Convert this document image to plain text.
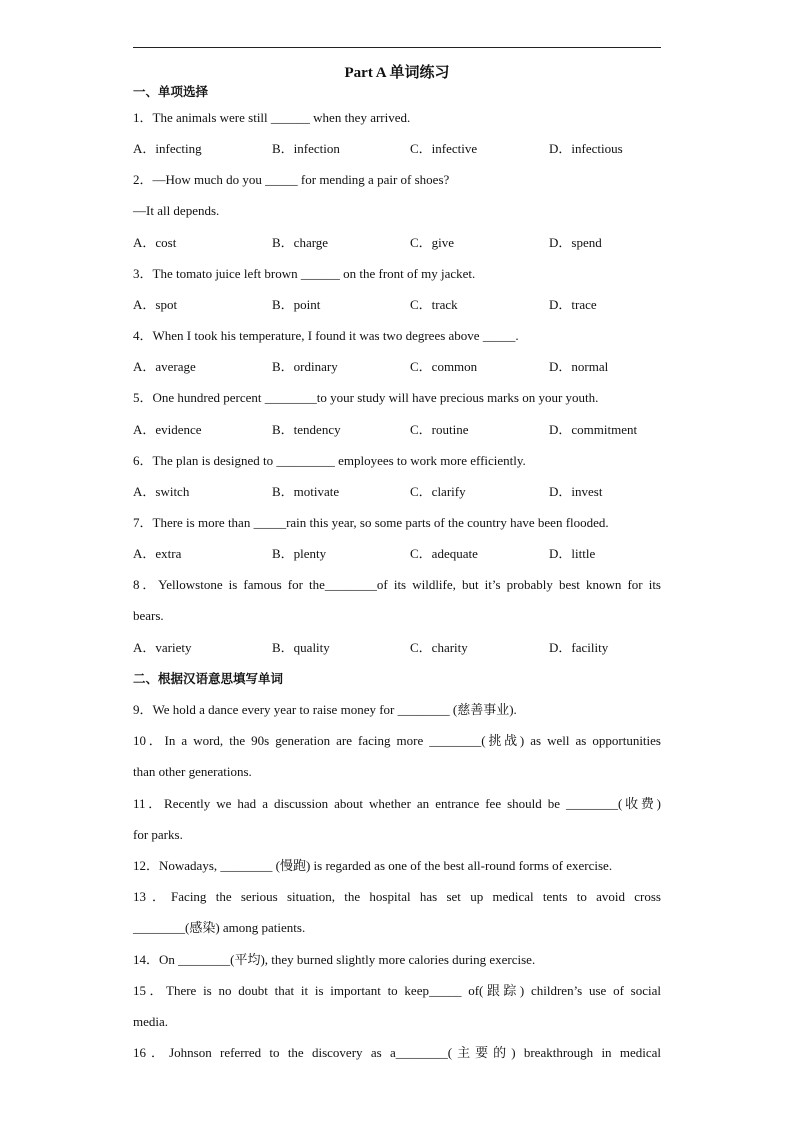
Part A 单词练习
一、单项选择
1．The animals were still ______ when they arrived.
A．infecting	B．infection	C．infective	D．infectious
2．—How much do you _____ for mending a pair of shoes?
—It all depends.
A．cost	B．charge	C．give	D．spend
3．The tomato juice left brown ______ on the front of my jacket.
A．spot	B．point	C．track	D．trace
4．When I took his temperature, I found it was two degrees above _____.
A．average	B．ordinary	C．common	D．normal
5．One hundred percent ________to your study will have precious marks on your youth.
A．evidence	B．tendency	C．routine	D．commitment
6．The plan is designed to _________ employees to work more efficiently.
A．switch	B．motivate	C．clarify	D．invest
7．There is more than _____rain this year, so some parts of the country have been flooded.
A．extra	B．plenty	C．adequate	D．little
8．Yellowstone is famous for the________of its wildlife, but it’s probably best known for its
bears.
A．variety	B．quality	C．charity	D．facility
二、根据汉语意思填写单词
9．We hold a dance every year to raise money for ________ (慈善事业).
10．In a word, the 90s generation are facing more ________(挑战) as well as opportunities
than other generations.
11．Recently we had a discussion about whether an entrance fee should be ________(收费)
for parks.
12．Nowadays, ________ (慢跑) is regarded as one of the best all-round forms of exercise.
13．Facing the serious situation, the hospital has set up medical tents to avoid cross
________(感染) among patients.
14．On ________(平均), they burned slightly more calories during exercise.
15．There is no doubt that it is important to keep_____ of(跟踪) children’s use of social
media.
16．Johnson referred to the discovery as a________(主要的) breakthrough in medical
